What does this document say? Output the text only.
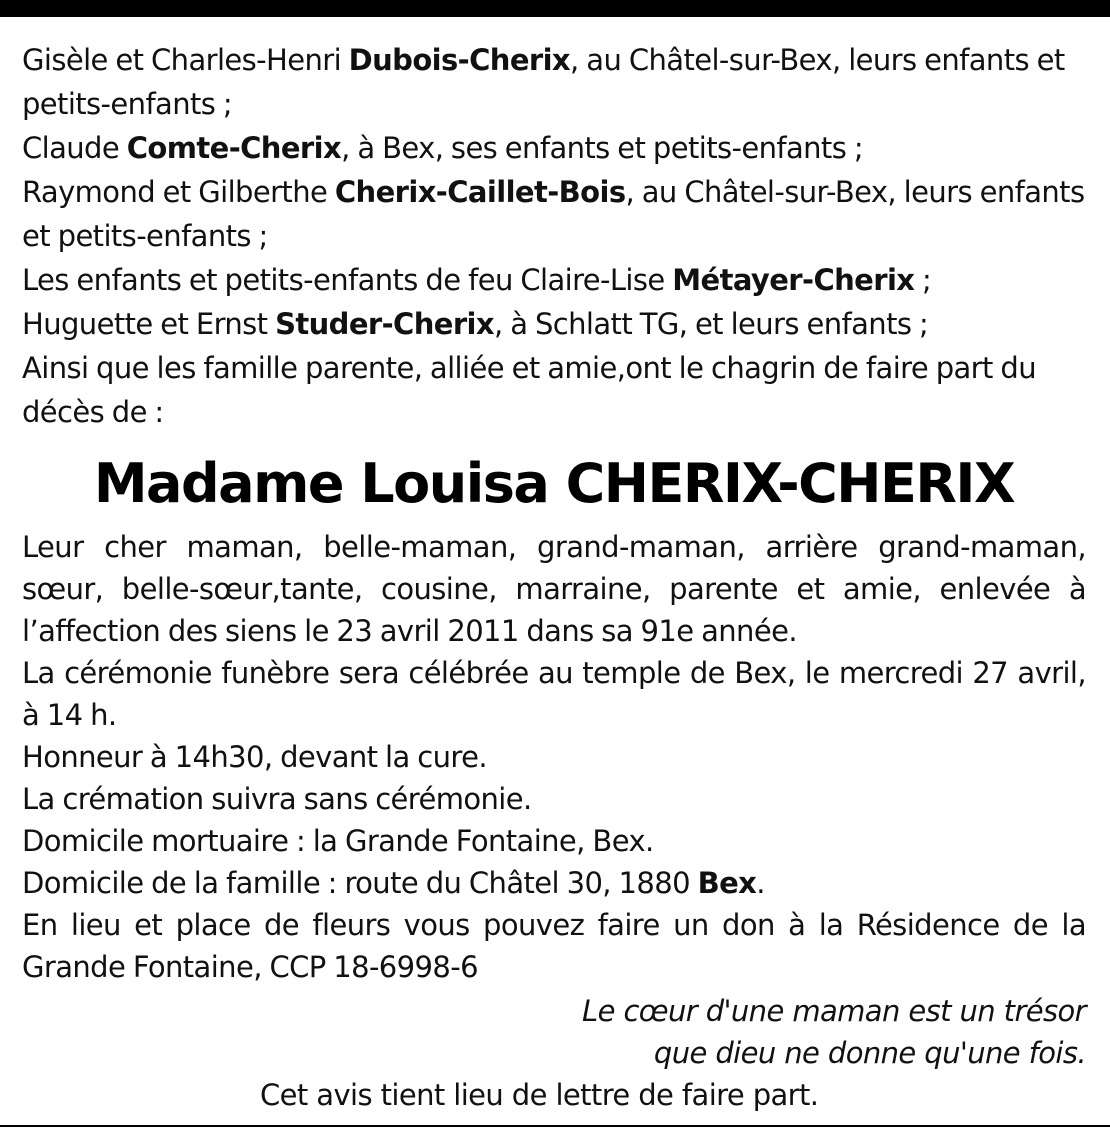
Gisèle et Charles-Henri Dubois-Cherix, au Châtel-sur-Bex, leurs enfants et petits-enfants ;

Claude Comte-Cherix, à Bex, ses enfants et petits-enfants ;

Raymond et Gilberthe Cherix-Caillet-Bois, au Châtel-sur-Bex, leurs enfants et petits-enfants ;

Les enfants et petits-enfants de feu Claire-Lise Métayer-Cherix ;

Huguette et Ernst Studer-Cherix, à Schlatt TG, et leurs enfants ;

Ainsi que les famille parente, alliée et amie,ont le chagrin de faire part du décès de :

Madame Louisa CHERIX-CHERIX

Leur cher maman, belle-maman, grand-maman, arrière grand-maman, sœur, belle-sœur,tante, cousine, marraine, parente et amie, enlevée à l’affection des siens le 23 avril 2011 dans sa 91e année.

La cérémonie funèbre sera célébrée au temple de Bex, le mercredi 27 avril, à 14 h.

Honneur à 14h30, devant la cure.

La crémation suivra sans cérémonie.

Domicile mortuaire : la Grande Fontaine, Bex.

Domicile de la famille : route du Châtel 30, 1880 Bex.

En lieu et place de fleurs vous pouvez faire un don à la Résidence de la Grande Fontaine, CCP 18-6998-6

Le cœur d'une maman est un trésor
que dieu ne donne qu'une fois.
Cet avis tient lieu de lettre de faire part.
